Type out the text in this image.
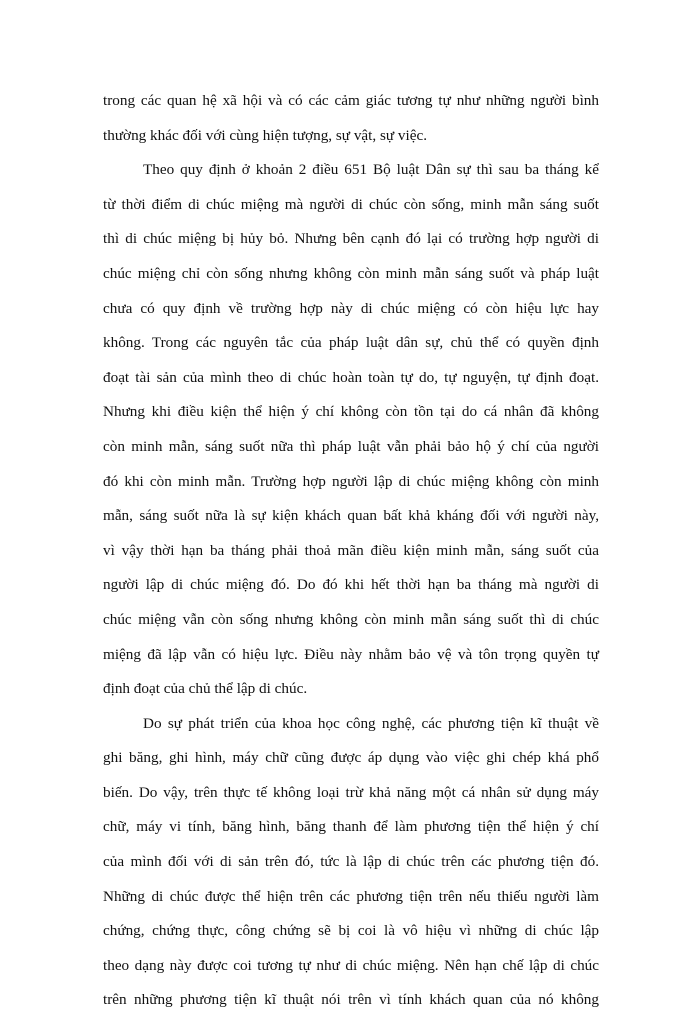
trong các quan hệ xã hội và có các cảm giác tương tự như những người bình
thường khác đối với cùng hiện tượng, sự vật, sự việc.
Theo quy định ở khoản 2 điều 651 Bộ luật Dân sự thì sau ba tháng kể
từ thời điểm di chúc miệng mà người di chúc còn sống, minh mẫn sáng suốt
thì di chúc miệng bị hủy bỏ. Nhưng bên cạnh đó lại có trường hợp người di
chúc miệng chỉ còn sống nhưng không còn minh mẫn sáng suốt và pháp luật
chưa có quy định về trường hợp này di chúc miệng có còn hiệu lực hay
không. Trong các nguyên tắc của pháp luật dân sự, chủ thể có quyền định
đoạt tài sản của mình theo di chúc hoàn toàn tự do, tự nguyện, tự định đoạt.
Nhưng khi điều kiện thể hiện ý chí không còn tồn tại do cá nhân đã không
còn minh mẫn, sáng suốt nữa thì pháp luật vẫn phải bảo hộ ý chí của người
đó khi còn minh mẫn. Trường hợp người lập di chúc miệng không còn minh
mẫn, sáng suốt nữa là sự kiện khách quan bất khả kháng đối với người này,
vì vậy thời hạn ba tháng phải thoả mãn điều kiện minh mẫn, sáng suốt của
người lập di chúc miệng đó. Do đó khi hết thời hạn ba tháng mà người di
chúc miệng vẫn còn sống nhưng không còn minh mẫn sáng suốt thì di chúc
miệng đã lập vẫn có hiệu lực. Điều này nhằm bảo vệ và tôn trọng quyền tự
định đoạt của chủ thể lập di chúc.
Do sự phát triển của khoa học công nghệ, các phương tiện kĩ thuật về
ghi băng, ghi hình, máy chữ cũng được áp dụng vào việc ghi chép khá phổ
biến. Do vậy, trên thực tế không loại trừ khả năng một cá nhân sử dụng máy
chữ, máy vi tính, băng hình, băng thanh để làm phương tiện thể hiện ý chí
của mình đối với di sản trên đó, tức là lập di chúc trên các phương tiện đó.
Những di chúc được thể hiện trên các phương tiện trên nếu thiếu người làm
chứng, chứng thực, công chứng sẽ bị coi là vô hiệu vì những di chúc lập
theo dạng này được coi tương tự như di chúc miệng. Nên hạn chế lập di chúc
trên những phương tiện kĩ thuật nói trên vì tính khách quan của nó không
